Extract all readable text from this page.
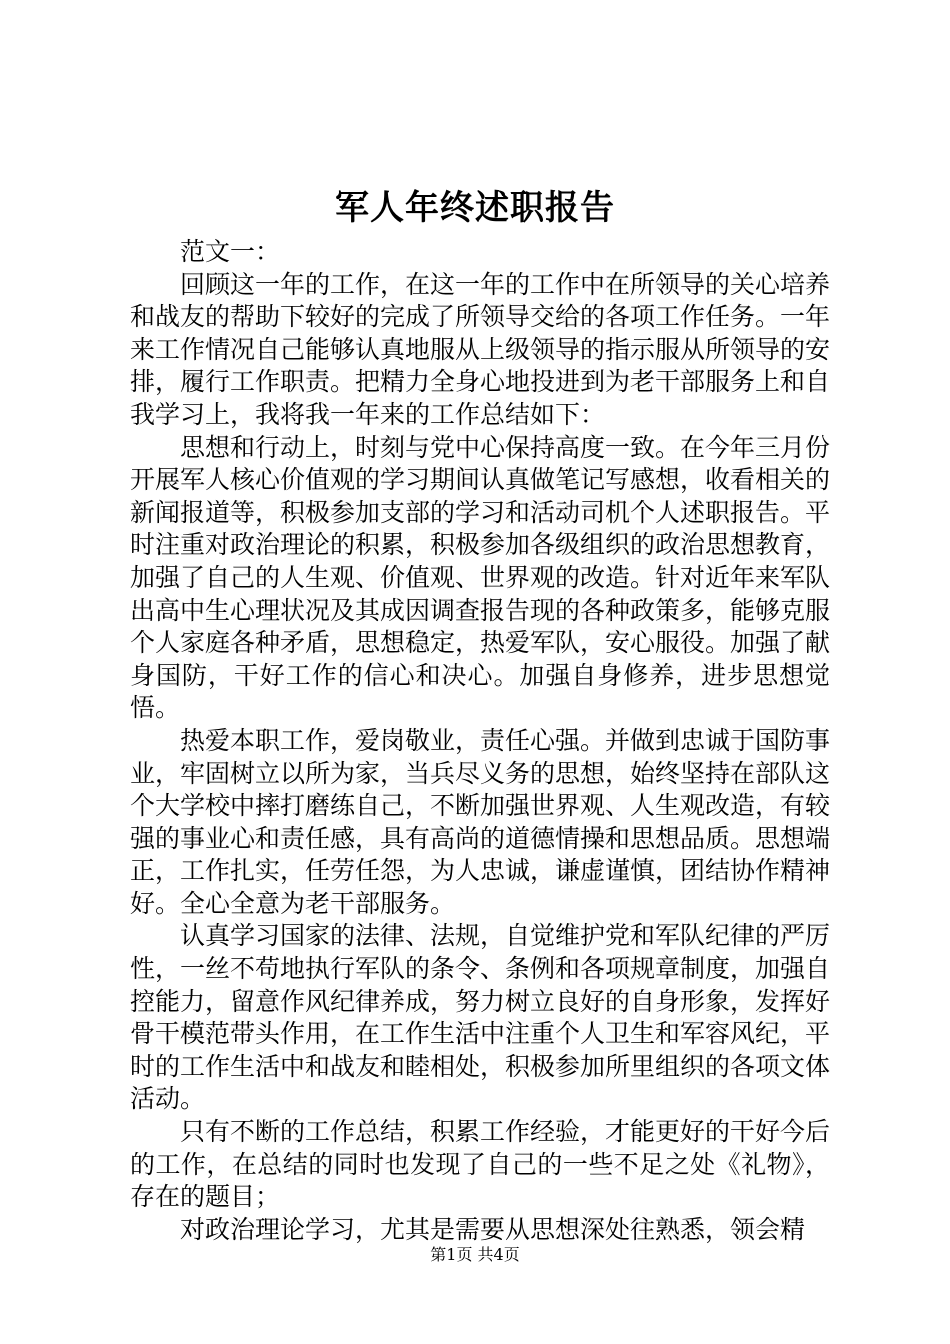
军人年终述职报告

范文一：

回顾这一年的工作，在这一年的工作中在所领导的关心培养和战友的帮助下较好的完成了所领导交给的各项工作任务。一年来工作情况自己能够认真地服从上级领导的指示服从所领导的安排，履行工作职责。把精力全身心地投进到为老干部服务上和自我学习上，我将我一年来的工作总结如下：

思想和行动上，时刻与党中心保持高度一致。在今年三月份开展军人核心价值观的学习期间认真做笔记写感想，收看相关的新闻报道等，积极参加支部的学习和活动司机个人述职报告。平时注重对政治理论的积累，积极参加各级组织的政治思想教育，加强了自己的人生观、价值观、世界观的改造。针对近年来军队出高中生心理状况及其成因调查报告现的各种政策多，能够克服个人家庭各种矛盾，思想稳定，热爱军队，安心服役。加强了献身国防，干好工作的信心和决心。加强自身修养，进步思想觉悟。

热爱本职工作，爱岗敬业，责任心强。并做到忠诚于国防事业，牢固树立以所为家，当兵尽义务的思想，始终坚持在部队这个大学校中摔打磨练自己，不断加强世界观、人生观改造，有较强的事业心和责任感，具有高尚的道德情操和思想品质。思想端正，工作扎实，任劳任怨，为人忠诚，谦虚谨慎，团结协作精神好。全心全意为老干部服务。

认真学习国家的法律、法规，自觉维护党和军队纪律的严厉性，一丝不苟地执行军队的条令、条例和各项规章制度，加强自控能力，留意作风纪律养成，努力树立良好的自身形象，发挥好骨干模范带头作用，在工作生活中注重个人卫生和军容风纪，平时的工作生活中和战友和睦相处，积极参加所里组织的各项文体活动。

只有不断的工作总结，积累工作经验，才能更好的干好今后的工作，在总结的同时也发现了自己的一些不足之处《礼物》，存在的题目；

对政治理论学习，尤其是需要从思想深处往熟悉，领会精

第1页 共4页
